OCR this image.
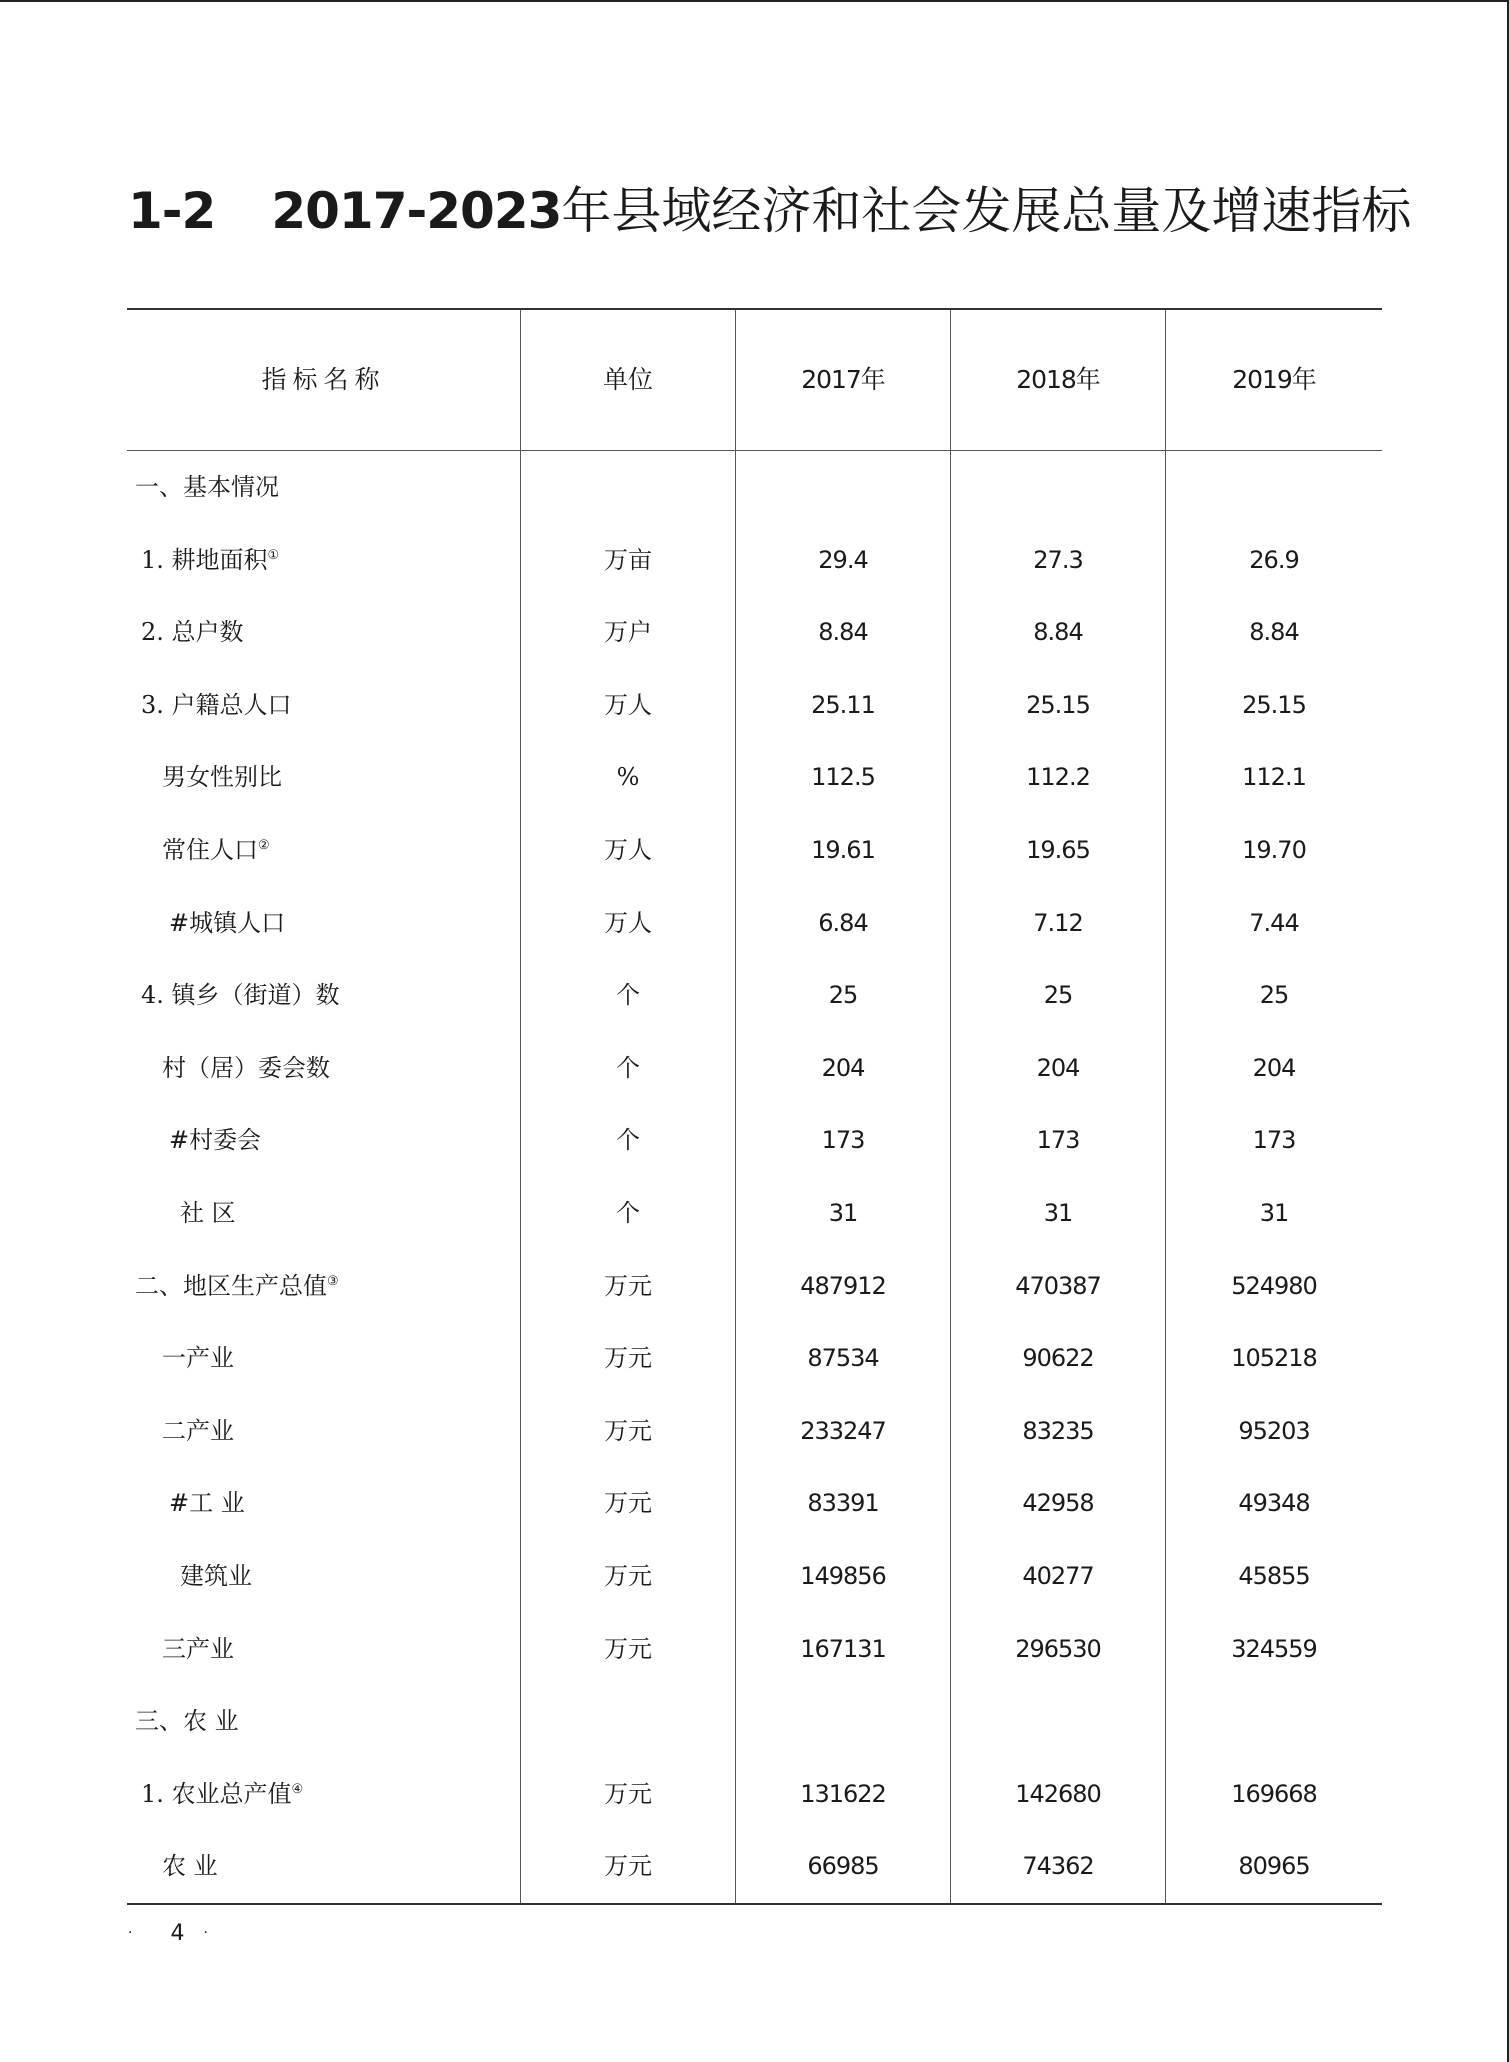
1-2 2017-2023年县域经济和社会发展总量及增速指标
指标名称	单位	2017年	2018年	2019年
一、基本情况
1. 耕地面积①	万亩	29.4	27.3	26.9
2. 总户数	万户	8.84	8.84	8.84
3. 户籍总人口	万人	25.11	25.15	25.15
男女性别比	%	112.5	112.2	112.1
常住人口②	万人	19.61	19.65	19.70
#城镇人口	万人	6.84	7.12	7.44
4. 镇乡（街道）数	个	25	25	25
村（居）委会数	个	204	204	204
#村委会	个	173	173	173
社 区	个	31	31	31
二、地区生产总值③	万元	487912	470387	524980
一产业	万元	87534	90622	105218
二产业	万元	233247	83235	95203
#工 业	万元	83391	42958	49348
建筑业	万元	149856	40277	45855
三产业	万元	167131	296530	324559
三、农 业
1. 农业总产值④	万元	131622	142680	169668
农 业	万元	66985	74362	80965
· 4 ·
